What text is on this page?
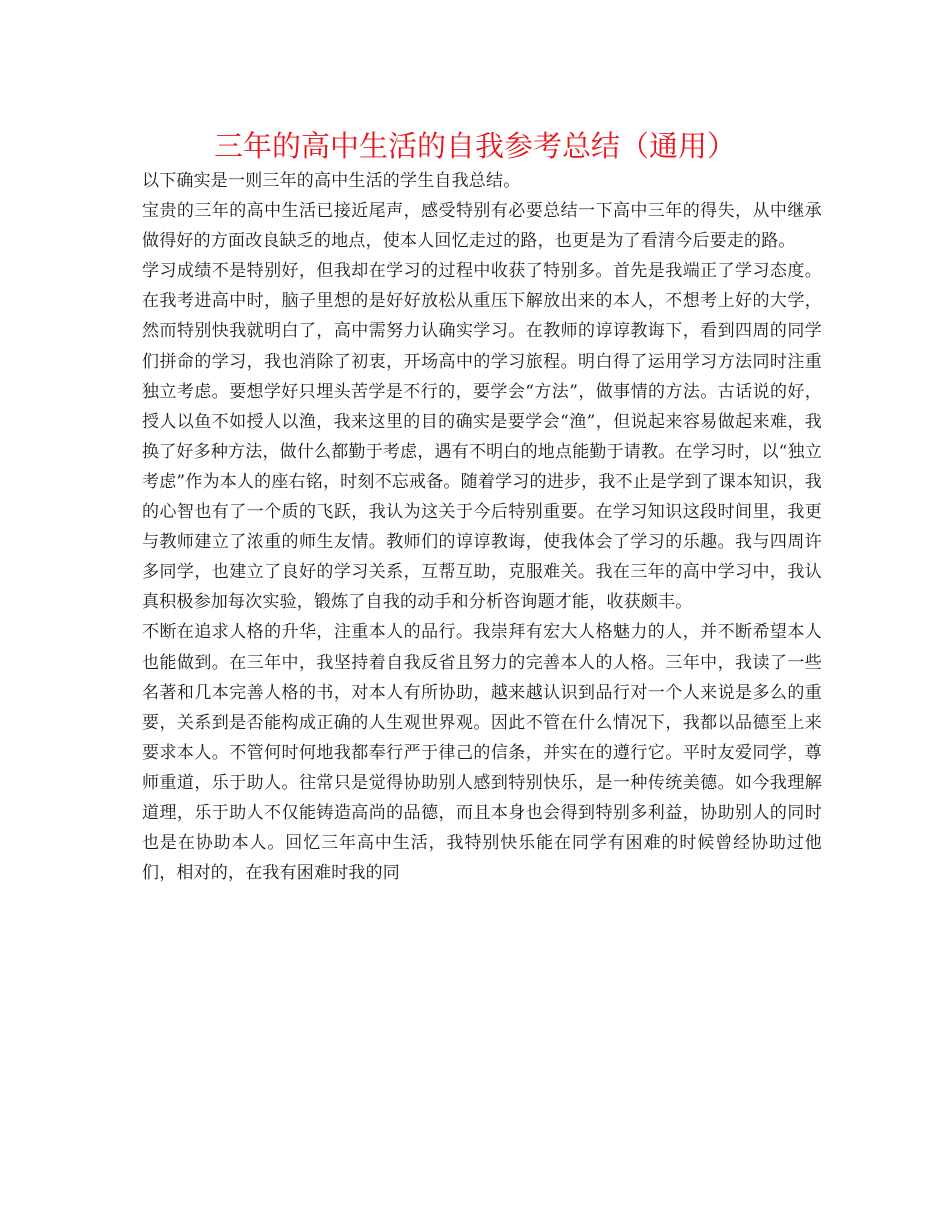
三年的高中生活的自我参考总结（通用）

以下确实是一则三年的高中生活的学生自我总结。

宝贵的三年的高中生活已接近尾声，感受特别有必要总结一下高中三年的得失，从中继承做得好的方面改良缺乏的地点，使本人回忆走过的路，也更是为了看清今后要走的路。

学习成绩不是特别好，但我却在学习的过程中收获了特别多。首先是我端正了学习态度。在我考进高中时，脑子里想的是好好放松从重压下解放出来的本人，不想考上好的大学，然而特别快我就明白了，高中需努力认确实学习。在教师的谆谆教诲下，看到四周的同学们拼命的学习，我也消除了初衷，开场高中的学习旅程。明白得了运用学习方法同时注重独立考虑。要想学好只埋头苦学是不行的，要学会“方法”，做事情的方法。古话说的好，授人以鱼不如授人以渔，我来这里的目的确实是要学会“渔”，但说起来容易做起来难，我换了好多种方法，做什么都勤于考虑，遇有不明白的地点能勤于请教。在学习时，以“独立考虑”作为本人的座右铭，时刻不忘戒备。随着学习的进步，我不止是学到了课本知识，我的心智也有了一个质的飞跃，我认为这关于今后特别重要。在学习知识这段时间里，我更与教师建立了浓重的师生友情。教师们的谆谆教诲，使我体会了学习的乐趣。我与四周许多同学，也建立了良好的学习关系，互帮互助，克服难关。我在三年的高中学习中，我认真积极参加每次实验，锻炼了自我的动手和分析咨询题才能，收获颇丰。

不断在追求人格的升华，注重本人的品行。我崇拜有宏大人格魅力的人，并不断希望本人也能做到。在三年中，我坚持着自我反省且努力的完善本人的人格。三年中，我读了一些名著和几本完善人格的书，对本人有所协助，越来越认识到品行对一个人来说是多么的重要，关系到是否能构成正确的人生观世界观。因此不管在什么情况下，我都以品德至上来要求本人。不管何时何地我都奉行严于律己的信条，并实在的遵行它。平时友爱同学，尊师重道，乐于助人。往常只是觉得协助别人感到特别快乐，是一种传统美德。如今我理解道理，乐于助人不仅能铸造高尚的品德，而且本身也会得到特别多利益，协助别人的同时也是在协助本人。回忆三年高中生活，我特别快乐能在同学有困难的时候曾经协助过他们，相对的，在我有困难时我的同
